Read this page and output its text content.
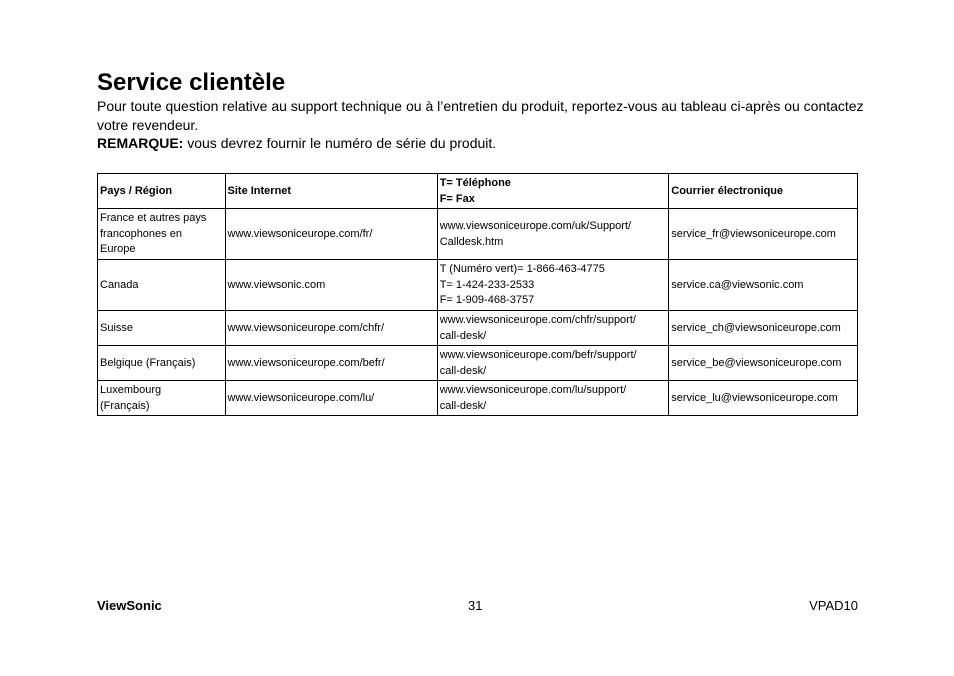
Service clientèle

Pour toute question relative au support technique ou à l’entretien du produit, reportez-vous au tableau ci-après ou contactez votre revendeur.

REMARQUE: vous devrez fournir le numéro de série du produit.

Pays / Région	Site Internet	T= Téléphone
F= Fax	Courrier électronique

France et autres pays
francophones en
Europe	www.viewsoniceurope.com/fr/	www.viewsoniceurope.com/uk/Support/
Calldesk.htm	service_fr@viewsoniceurope.com

Canada	www.viewsonic.com	T (Numéro vert)= 1-866-463-4775
T= 1-424-233-2533
F= 1-909-468-3757	service.ca@viewsonic.com

Suisse	www.viewsoniceurope.com/chfr/	www.viewsoniceurope.com/chfr/support/
call-desk/	service_ch@viewsoniceurope.com

Belgique (Français)	www.viewsoniceurope.com/befr/	www.viewsoniceurope.com/befr/support/
call-desk/	service_be@viewsoniceurope.com

Luxembourg
(Français)	www.viewsoniceurope.com/lu/	www.viewsoniceurope.com/lu/support/
call-desk/	service_lu@viewsoniceurope.com
ViewSonic	31	VPAD10
